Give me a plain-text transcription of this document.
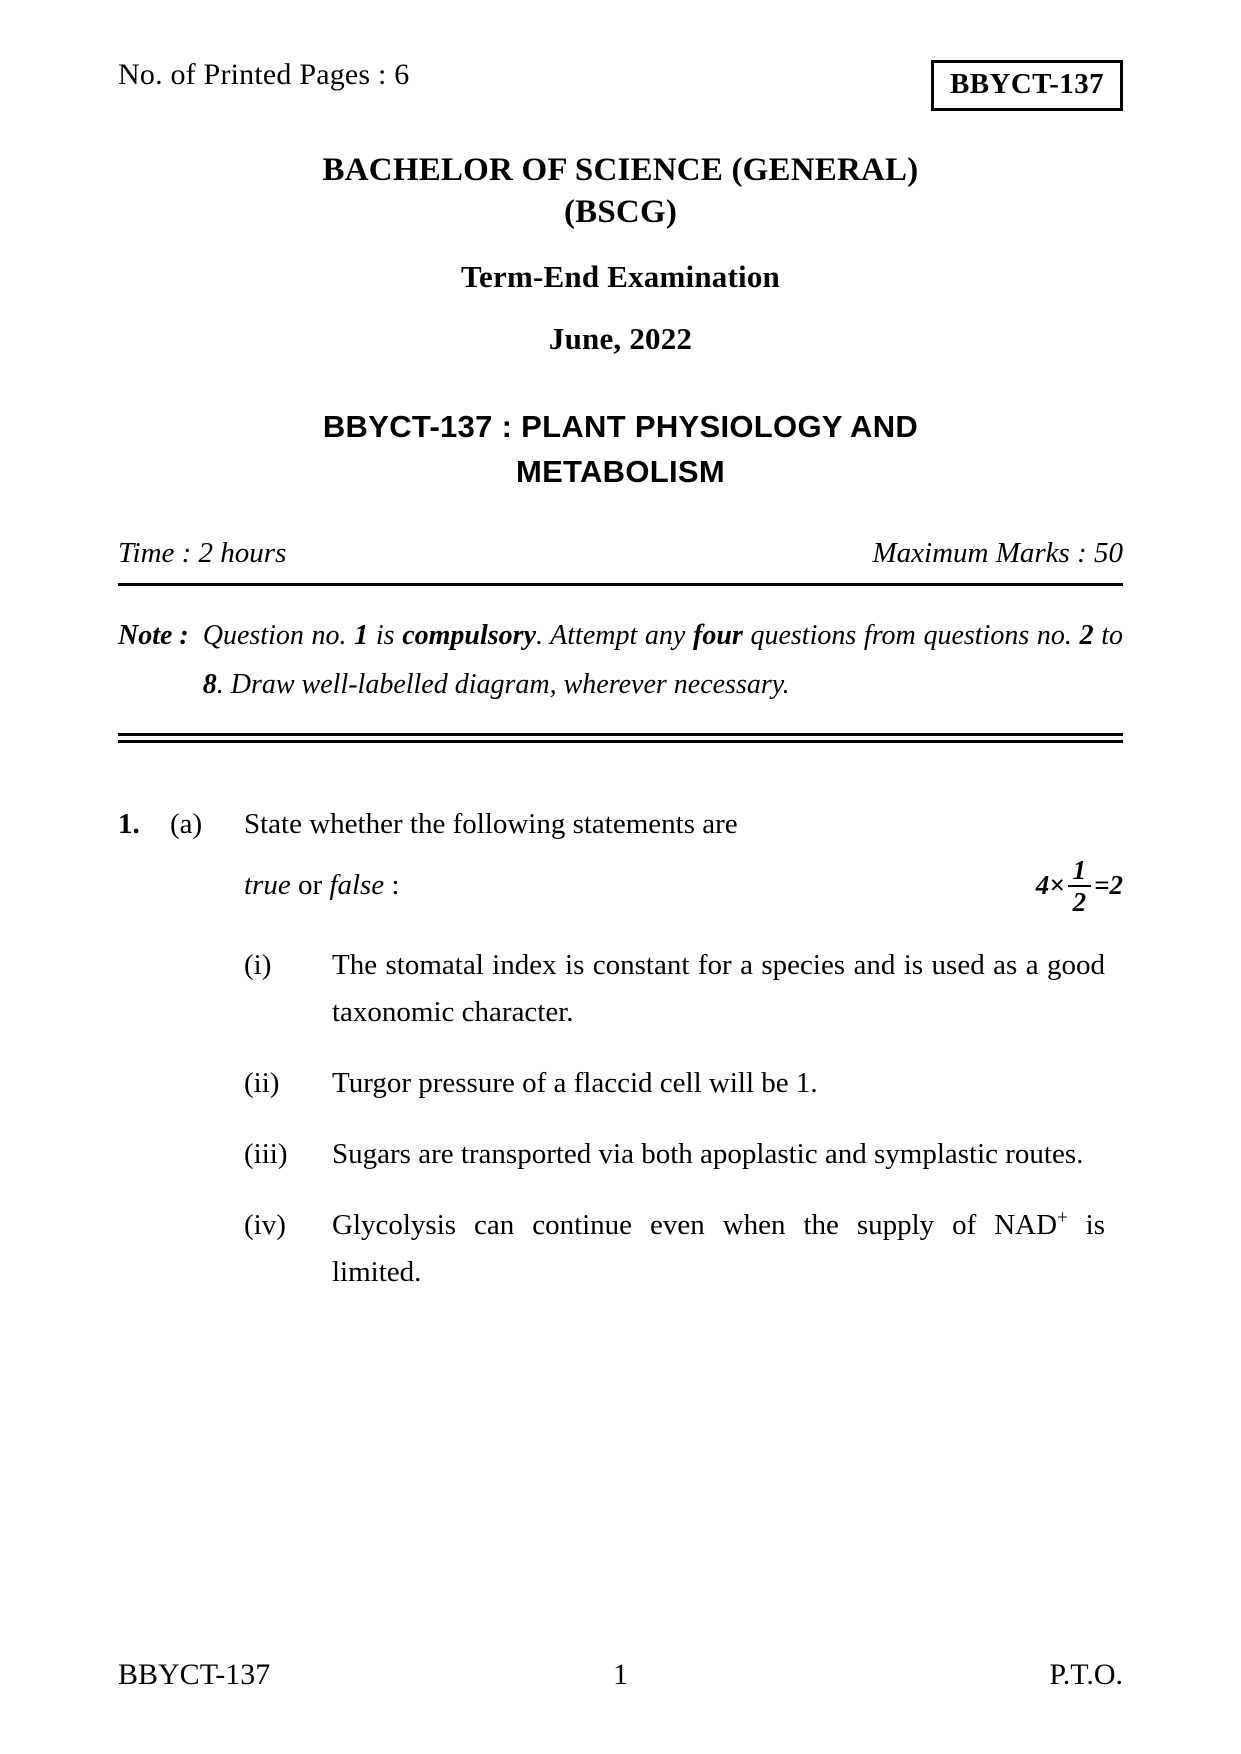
No. of Printed Pages : 6	BBYCT-137
BACHELOR OF SCIENCE (GENERAL)
(BSCG)
Term-End Examination
June, 2022
BBYCT-137 : PLANT PHYSIOLOGY AND
METABOLISM
Time : 2 hours	Maximum Marks : 50
Note : Question no. 1 is compulsory. Attempt any four questions from questions no. 2 to 8. Draw well-labelled diagram, wherever necessary.
1.	(a)	State whether the following statements are
true or false :	$4\times \frac{1}{2} =2$
(i)	The stomatal index is constant for a species and is used as a good taxonomic character.
(ii)	Turgor pressure of a flaccid cell will be 1.
(iii)	Sugars are transported via both apoplastic and symplastic routes.
(iv)	Glycolysis can continue even when the supply of NAD+ is limited.
BBYCT-137	1	P.T.O.
